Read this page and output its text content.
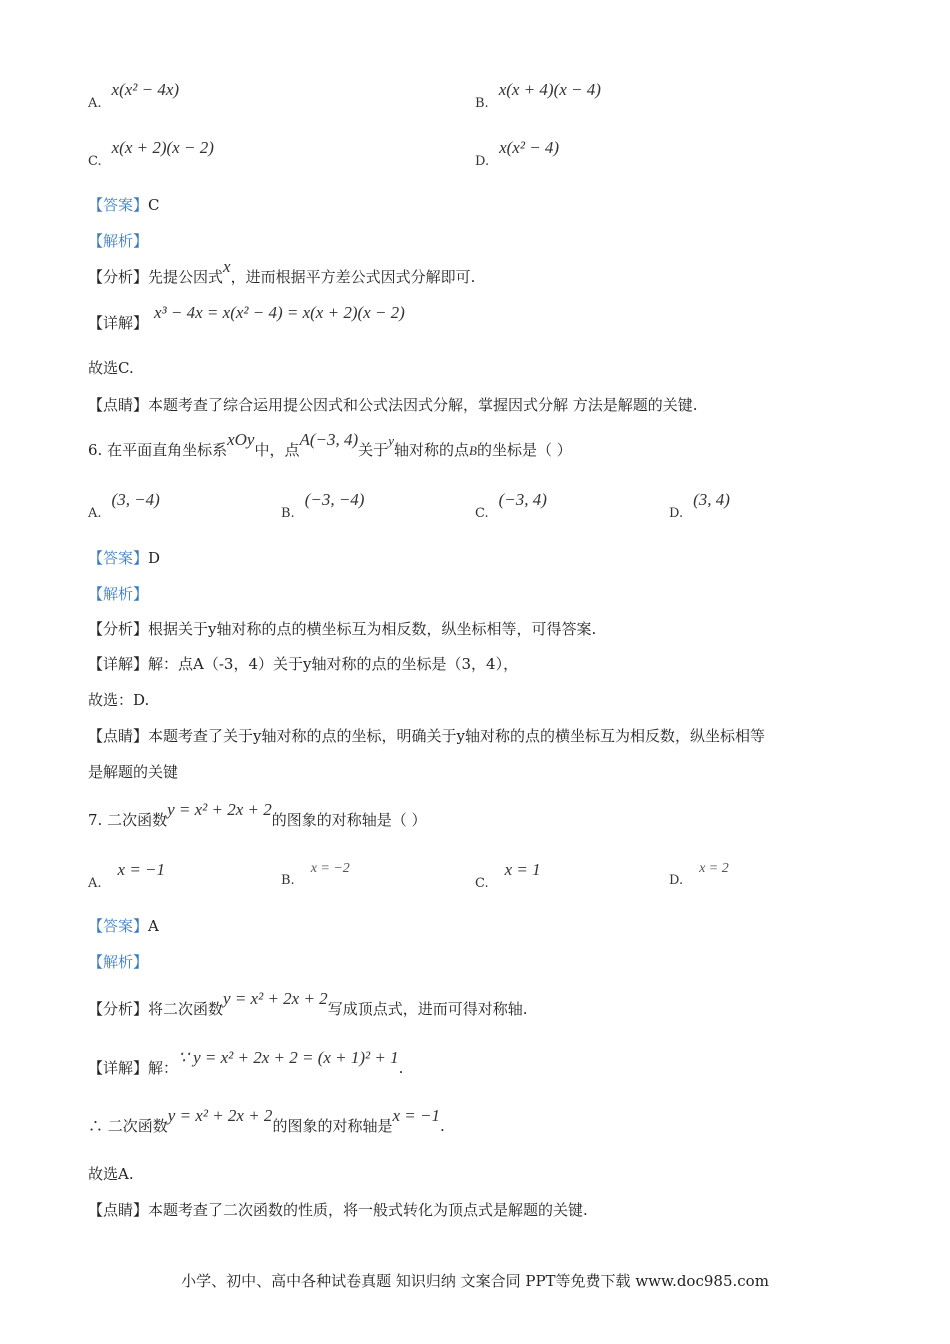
A.x(x² − 4x)
B.x(x + 4)(x − 4)
C.x(x + 2)(x − 2)
D.x(x² − 4)
【答案】C
【解析】
【分析】先提公因式x，进而根据平方差公式因式分解即可.
【详解】x³ − 4x = x(x² − 4) = x(x + 2)(x − 2)
故选C.
【点睛】本题考查了综合运用提公因式和公式法因式分解，掌握因式分解 方法是解题的关键.
6. 在平面直角坐标系xOy中，点A(−3, 4)关于y轴对称的点B的坐标是（ ）
A.(3, −4)
B.(−3, −4)
C.(−3, 4)
D.(3, 4)
【答案】D
【解析】
【分析】根据关于y轴对称的点的横坐标互为相反数，纵坐标相等，可得答案.
【详解】解：点A（-3，4）关于y轴对称的点的坐标是（3，4），
故选：D.
【点睛】本题考查了关于y轴对称的点的坐标，明确关于y轴对称的点的横坐标互为相反数，纵坐标相等
是解题的关键
7. 二次函数y = x² + 2x + 2的图象的对称轴是（ ）
A.x = −1
B.x = −2
C.x = 1
D.x = 2
【答案】A
【解析】
【分析】将二次函数y = x² + 2x + 2写成顶点式，进而可得对称轴.
【详解】解：∵ y = x² + 2x + 2 = (x + 1)² + 1.
∴ 二次函数y = x² + 2x + 2的图象的对称轴是x = −1.
故选A.
【点睛】本题考查了二次函数的性质，将一般式转化为顶点式是解题的关键.
小学、初中、高中各种试卷真题 知识归纳 文案合同 PPT等免费下载 www.doc985.com
